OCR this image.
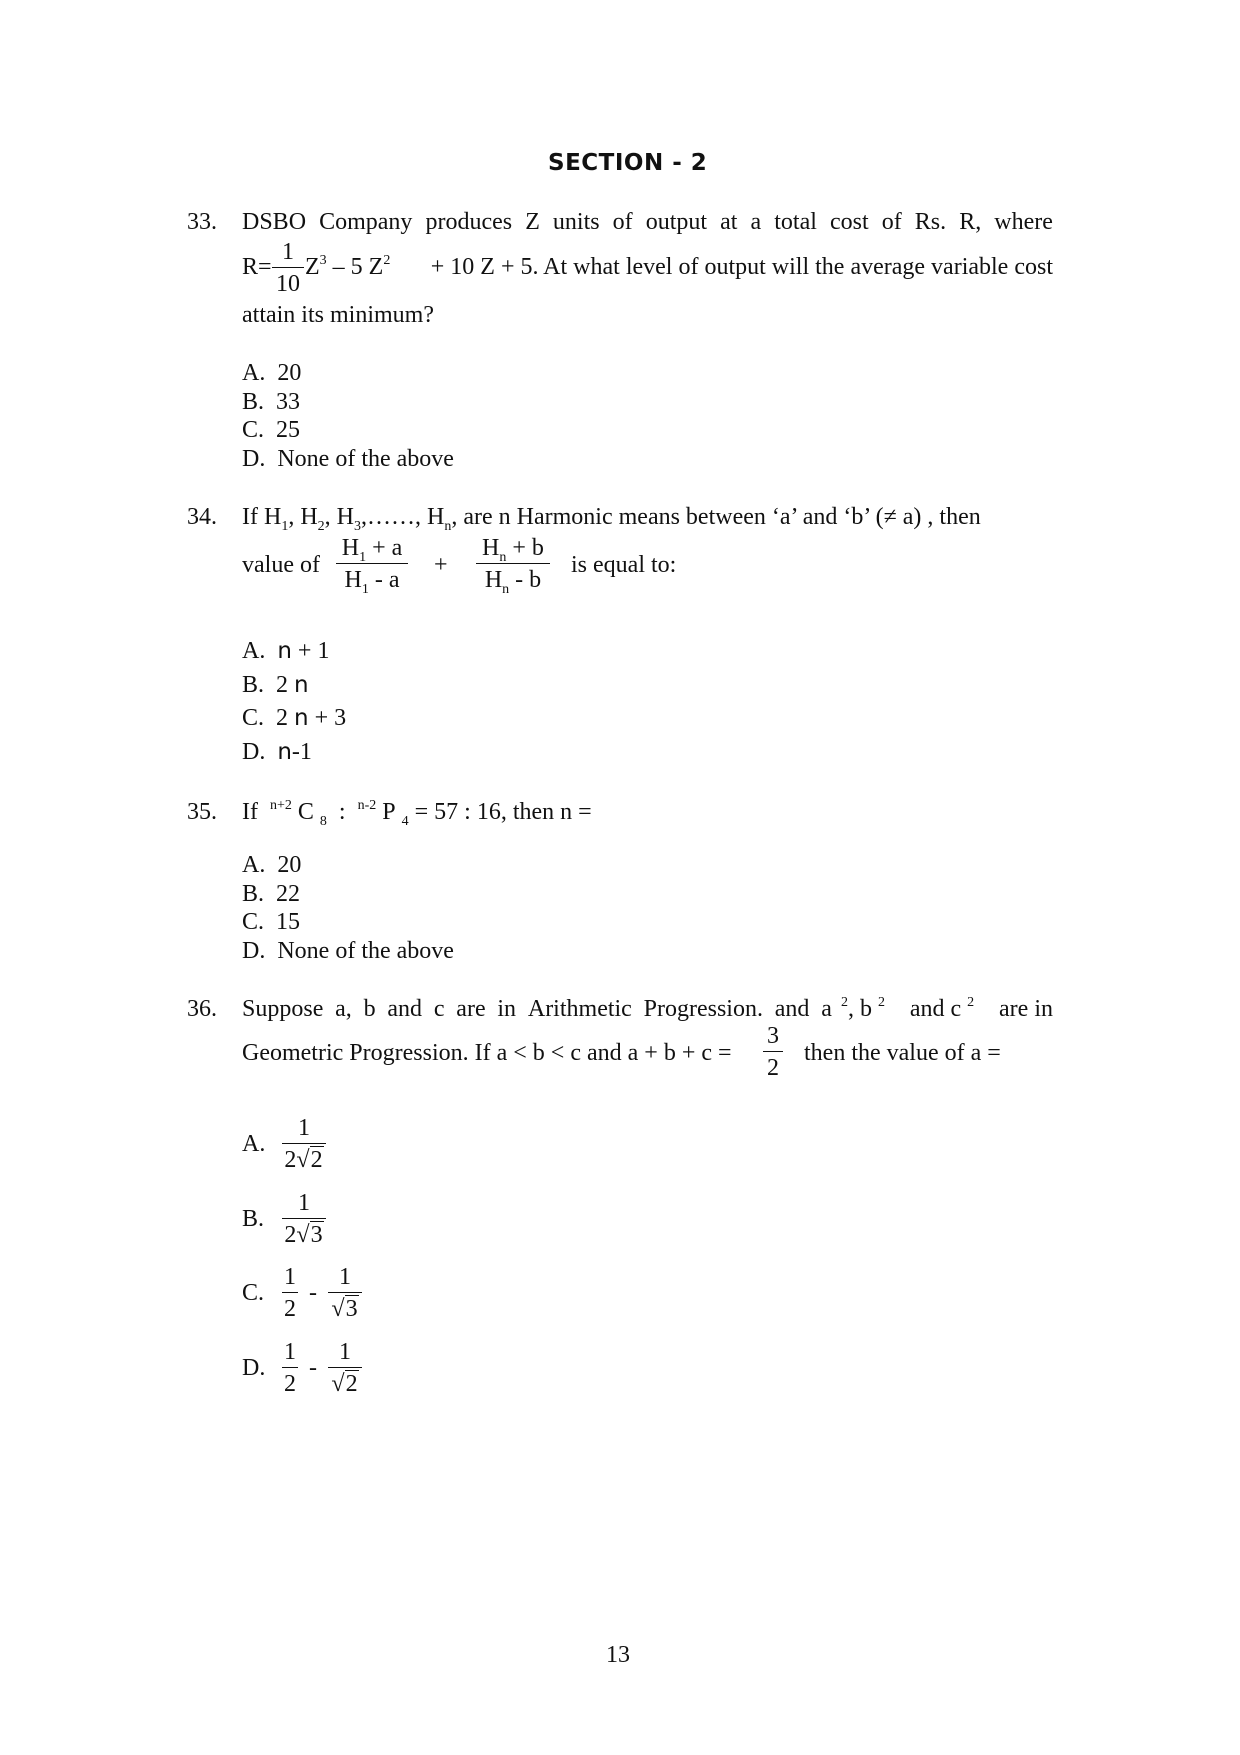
SECTION - 2
33. DSBO Company produces Z units of output at a total cost of Rs. R, where
$R= \frac{1}{10} Z^3 - 5$ $Z^2 + 10$ Z + 5. At what level of output will the average variable cost
attain its minimum?
A. 20
B. 33
C. 25
D. None of the above
34. If $H_1$, $H_2$, $H_3,\dots\dots$, $H_n$, are n Harmonic means between ‘a’ and ‘b’ (≠ a) , then
value of $\frac{H_1 + a}{H_1 - a} + \frac{H_n + b}{H_n - b}$ is equal to:
A. n + 1
B. 2 n
C. 2 n + 3
D. n-1
35. If $^{n+2}$ C $_8$ : $^{n-2}$ P $_4$ = 57 : 16, then n =
A. 20
B. 22
C. 15
D. None of the above
36. Suppose a, b and c are in Arithmetic Progression. and a $^2$, b $^2$ and c $^2$ are in
Geometric Progression. If a < b < c and $a + b + c = \frac{3}{2}$ then the value of a =
A. $\frac{1}{2√2}$
B. $\frac{1}{2√3}$
C. $\frac{1}{2} - \frac{1}{√3}$
D. $\frac{1}{2} - \frac{1}{√2}$
13
